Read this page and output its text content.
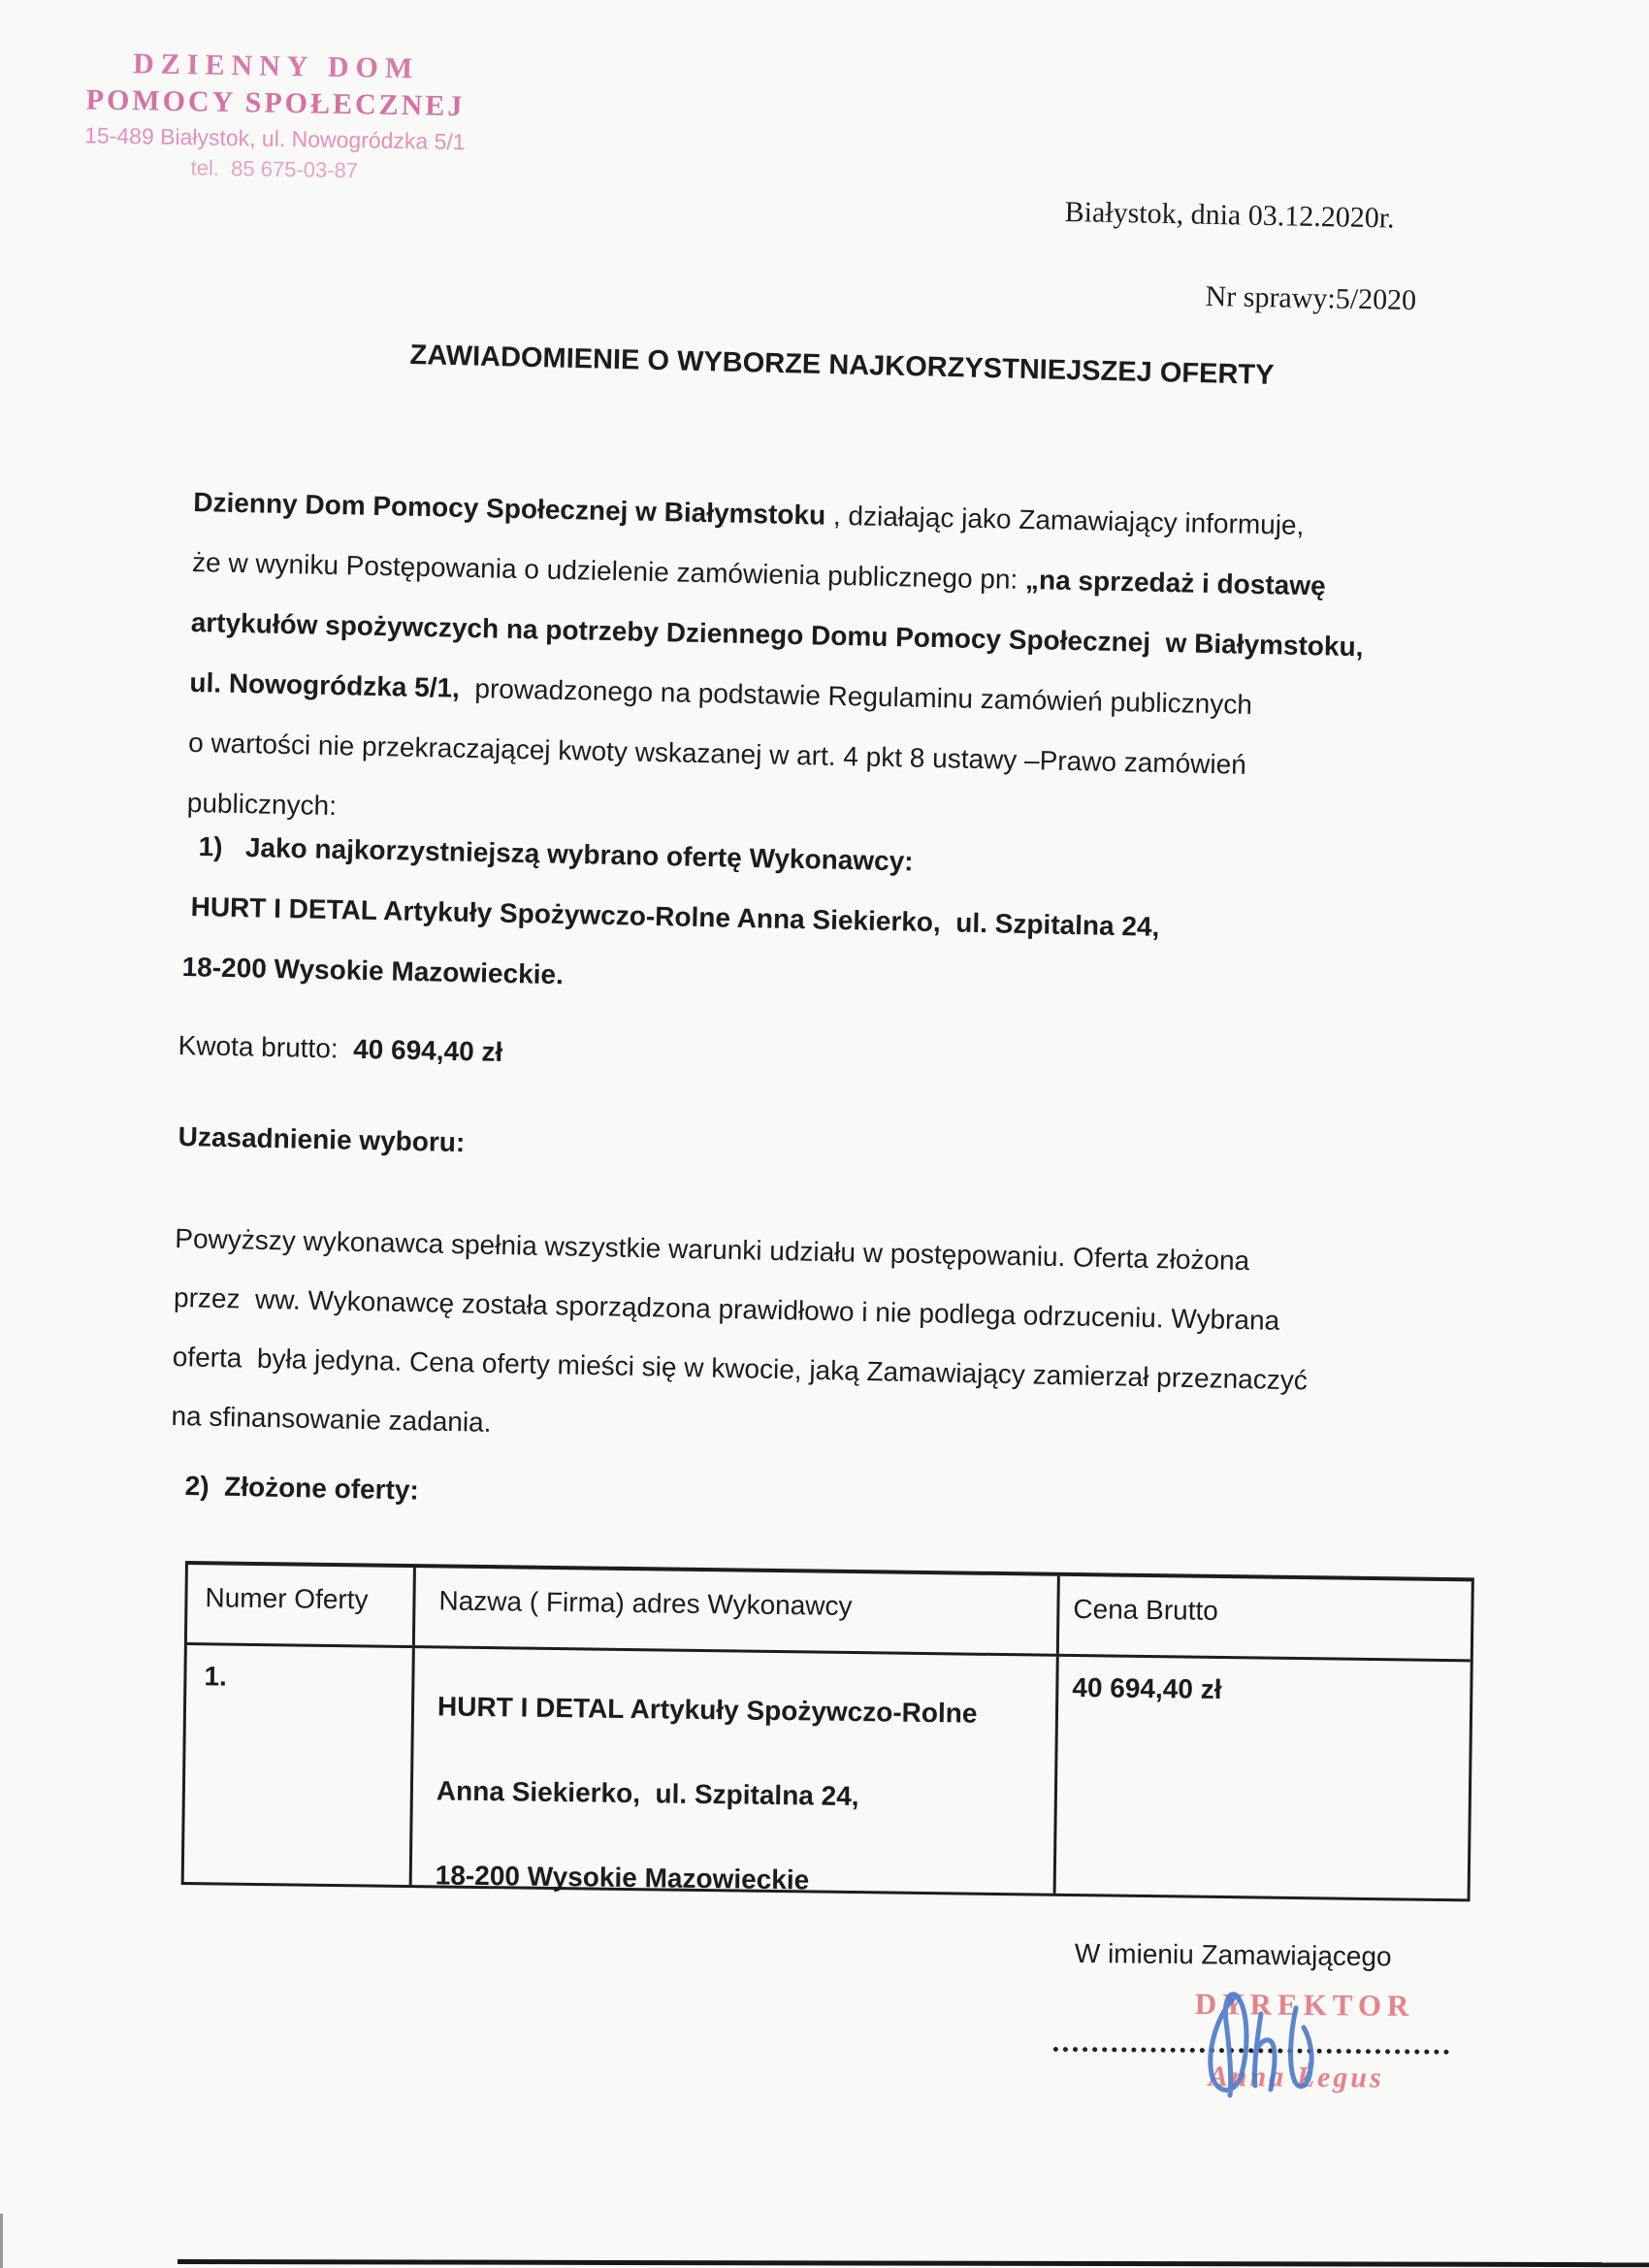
DZIENNY DOM
POMOCY SPOŁECZNEJ
15-489 Białystok, ul. Nowogródzka 5/1
tel.  85 675-03-87
Białystok, dnia 03.12.2020r.
Nr sprawy:5/2020
ZAWIADOMIENIE O WYBORZE NAJKORZYSTNIEJSZEJ OFERTY
Dzienny Dom Pomocy Społecznej w Białymstoku , działając jako Zamawiający informuje,
że w wyniku Postępowania o udzielenie zamówienia publicznego pn: „na sprzedaż i dostawę
artykułów spożywczych na potrzeby Dziennego Domu Pomocy Społecznej  w Białymstoku,
ul. Nowogródzka 5/1,  prowadzonego na podstawie Regulaminu zamówień publicznych
o wartości nie przekraczającej kwoty wskazanej w art. 4 pkt 8 ustawy –Prawo zamówień
publicznych:
1)   Jako najkorzystniejszą wybrano ofertę Wykonawcy:
HURT I DETAL Artykuły Spożywczo-Rolne Anna Siekierko,  ul. Szpitalna 24,
18-200 Wysokie Mazowieckie.
Kwota brutto: 40 694,40 zł
Uzasadnienie wyboru:
Powyższy wykonawca spełnia wszystkie warunki udziału w postępowaniu. Oferta złożona
przez  ww. Wykonawcę została sporządzona prawidłowo i nie podlega odrzuceniu. Wybrana
oferta  była jedyna. Cena oferty mieści się w kwocie, jaką Zamawiający zamierzał przeznaczyć
na sfinansowanie zadania.
2)  Złożone oferty:
Numer Oferty	Nazwa ( Firma) adres Wykonawcy	Cena Brutto
1.
HURT I DETAL Artykuły Spożywczo-Rolne
Anna Siekierko,  ul. Szpitalna 24,
18-200 Wysokie Mazowieckie
40 694,40 zł
W imieniu Zamawiającego
DYREKTOR
Anna Legus
